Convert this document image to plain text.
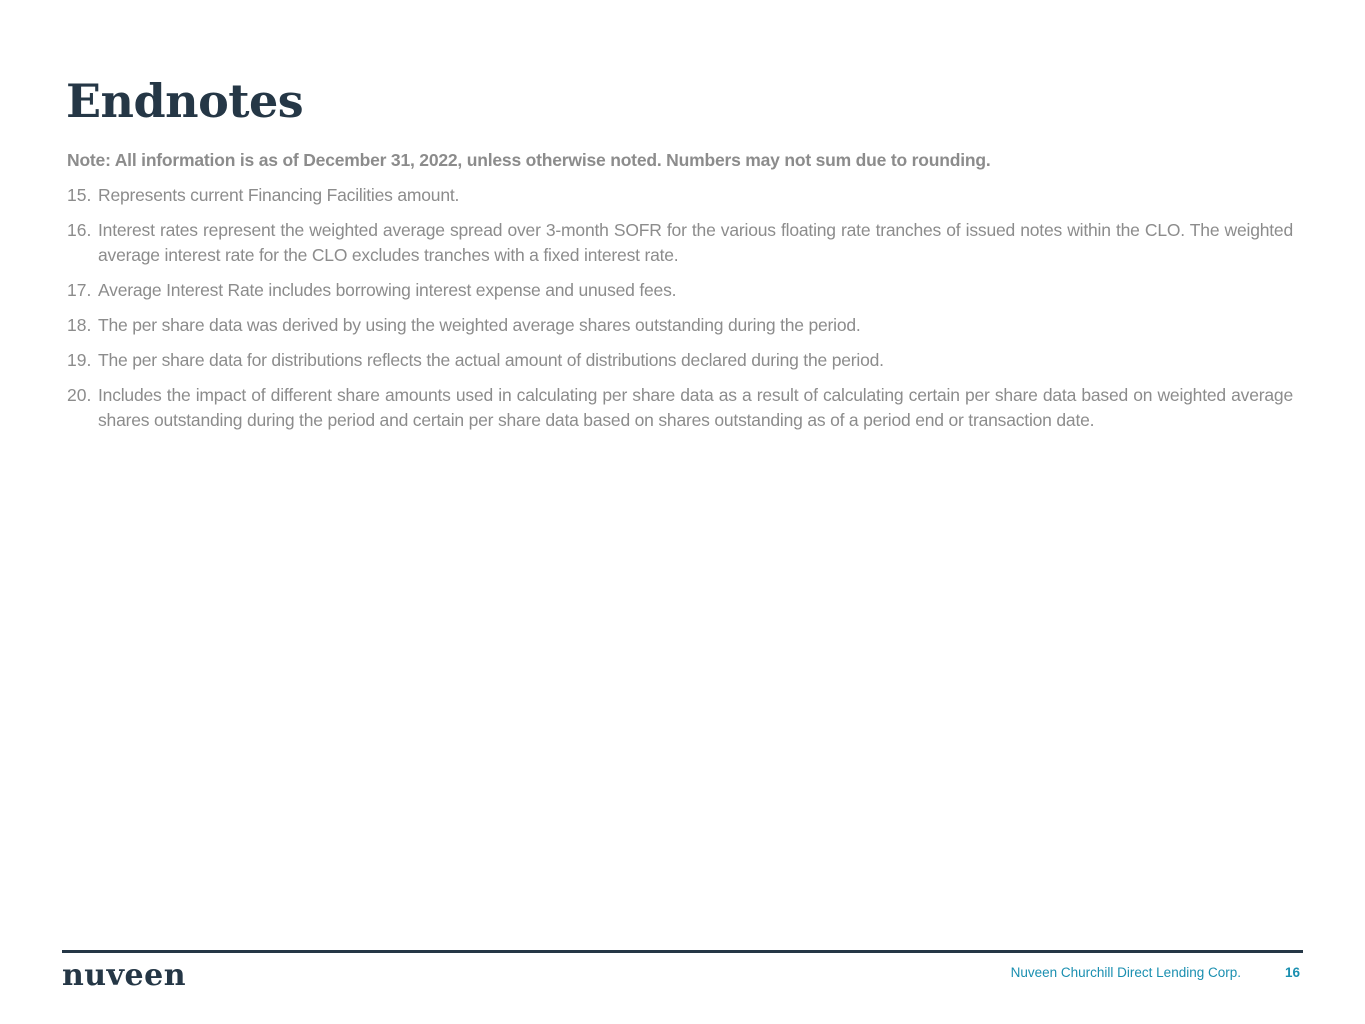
Endnotes

Note: All information is as of December 31, 2022, unless otherwise noted. Numbers may not sum due to rounding.

15. Represents current Financing Facilities amount.
16. Interest rates represent the weighted average spread over 3-month SOFR for the various floating rate tranches of issued notes within the CLO. The weighted average interest rate for the CLO excludes tranches with a fixed interest rate.
17. Average Interest Rate includes borrowing interest expense and unused fees.
18. The per share data was derived by using the weighted average shares outstanding during the period.
19. The per share data for distributions reflects the actual amount of distributions declared during the period.
20. Includes the impact of different share amounts used in calculating per share data as a result of calculating certain per share data based on weighted average shares outstanding during the period and certain per share data based on shares outstanding as of a period end or transaction date.
nuveen	Nuveen Churchill Direct Lending Corp.	16
